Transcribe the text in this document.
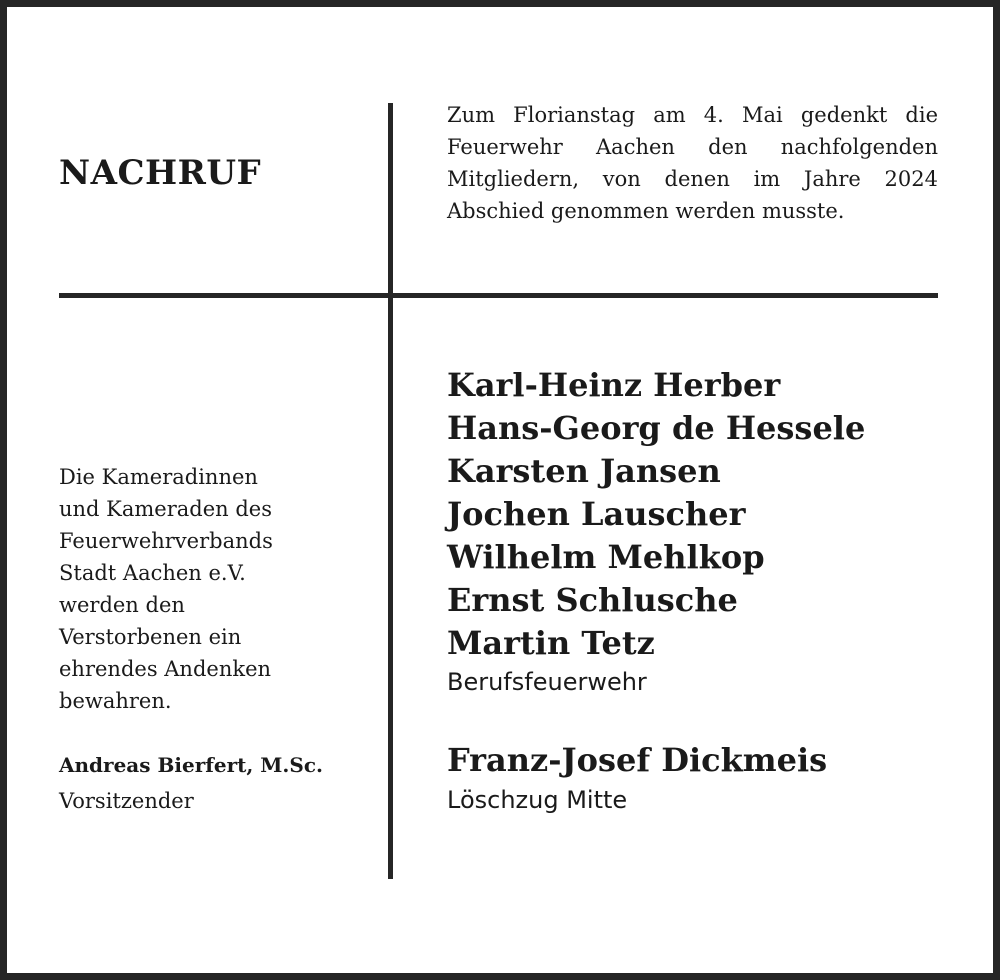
NACHRUF

Zum Florianstag am 4. Mai gedenkt die Feuerwehr Aachen den nachfolgenden Mitgliedern, von denen im Jahre 2024 Abschied genommen werden musste.

Die Kameradinnen
und Kameraden des
Feuerwehrverbands
Stadt Aachen e.V.
werden den
Verstorbenen ein
ehrendes Andenken
bewahren.

Andreas Bierfert, M.Sc.
Vorsitzender
Karl-Heinz Herber
Hans-Georg de Hessele
Karsten Jansen
Jochen Lauscher
Wilhelm Mehlkop
Ernst Schlusche
Martin Tetz
Berufsfeuerwehr
Franz-Josef Dickmeis
Löschzug Mitte
